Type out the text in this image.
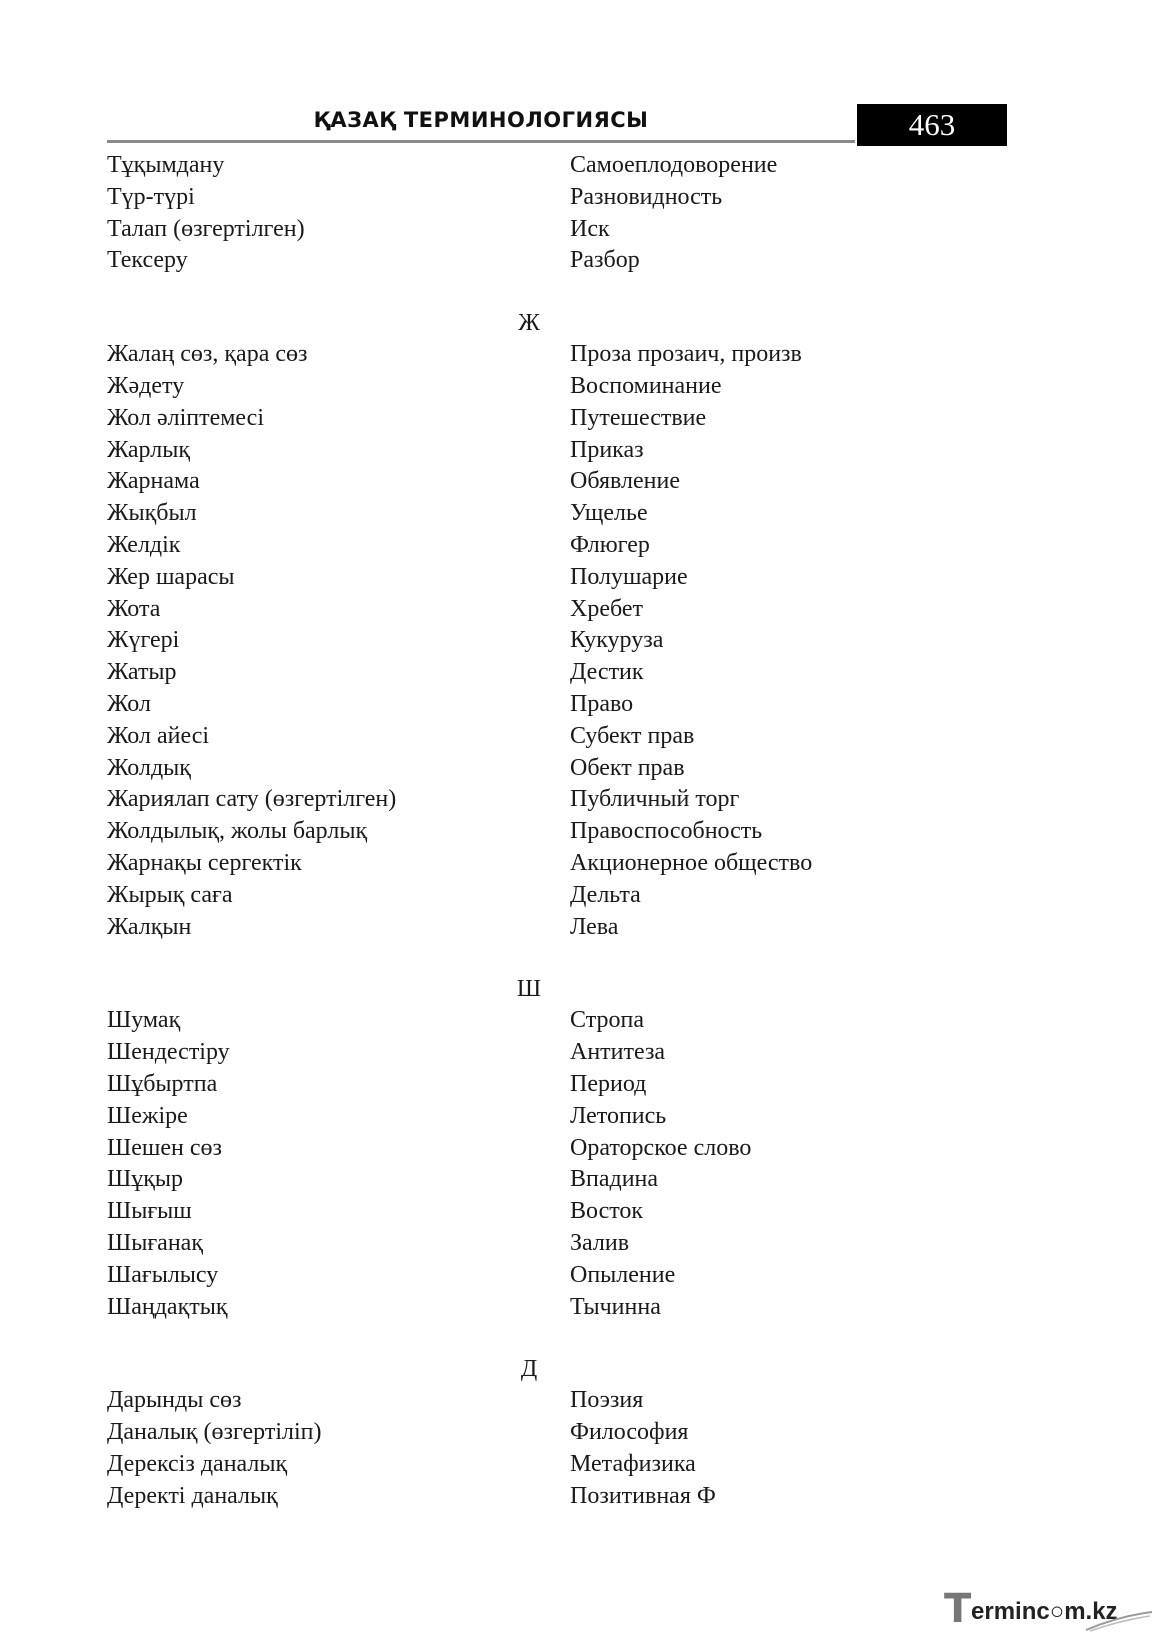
ҚАЗАҚ ТЕРМИНОЛОГИЯСЫ	463
Тұқымдану	Самоеплодоворение
Түр-түрі	Разновидность
Талап (өзгертілген)	Иск
Тексеру	Разбор
Ж
Жалаң сөз, қара сөз	Проза прозаич, произв
Жәдету	Воспоминание
Жол әліптемесі	Путешествие
Жарлық	Приказ
Жарнама	Обявление
Жықбыл	Ущелье
Желдік	Флюгер
Жер шарасы	Полушарие
Жота	Хребет
Жүгері	Кукуруза
Жатыр	Дестик
Жол	Право
Жол айесі	Субект прав
Жолдық	Обект прав
Жариялап сату (өзгертілген)	Публичный торг
Жолдылық, жолы барлық	Правоспособность
Жарнақы сергектік	Акционерное общество
Жырық саға	Дельта
Жалқын	Лева
Ш
Шумақ	Стропа
Шендестіру	Антитеза
Шұбыртпа	Период
Шежіре	Летопись
Шешен сөз	Ораторское слово
Шұқыр	Впадина
Шығыш	Восток
Шығанақ	Залив
Шағылысу	Опыление
Шаңдақтық	Тычинна
Д
Дарынды сөз	Поэзия
Даналық (өзгертіліп)	Философия
Дерексіз даналық	Метафизика
Деректі даналық	Позитивная Ф
T erminc○m.kz
